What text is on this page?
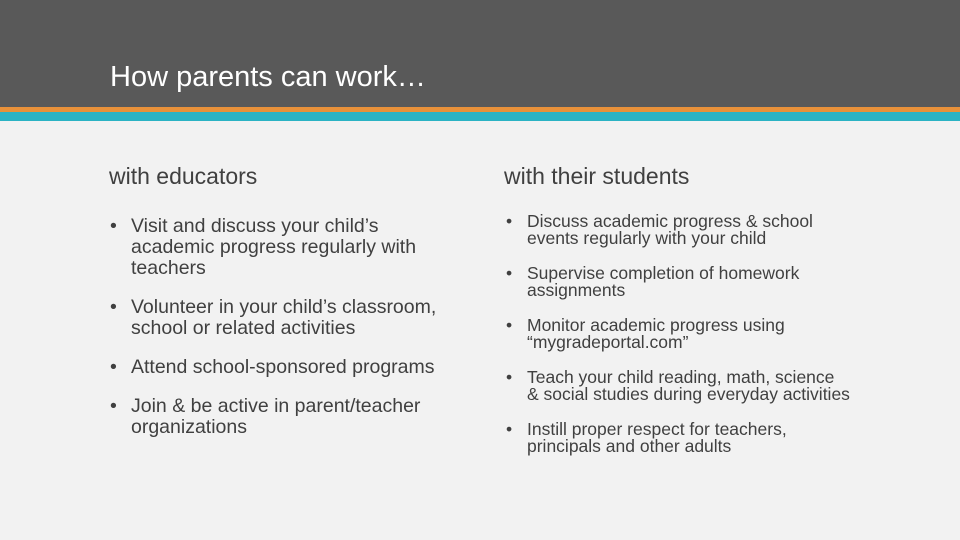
How parents can work…
with educators	with their students
• Visit and discuss your child’s academic progress regularly with teachers
• Volunteer in your child’s classroom, school or related activities
• Attend school-sponsored programs
• Join & be active in parent/teacher organizations
• Discuss academic progress & school events regularly with your child
• Supervise completion of homework assignments
• Monitor academic progress using “mygradeportal.com”
• Teach your child reading, math, science & social studies during everyday activities
• Instill proper respect for teachers, principals and other adults
